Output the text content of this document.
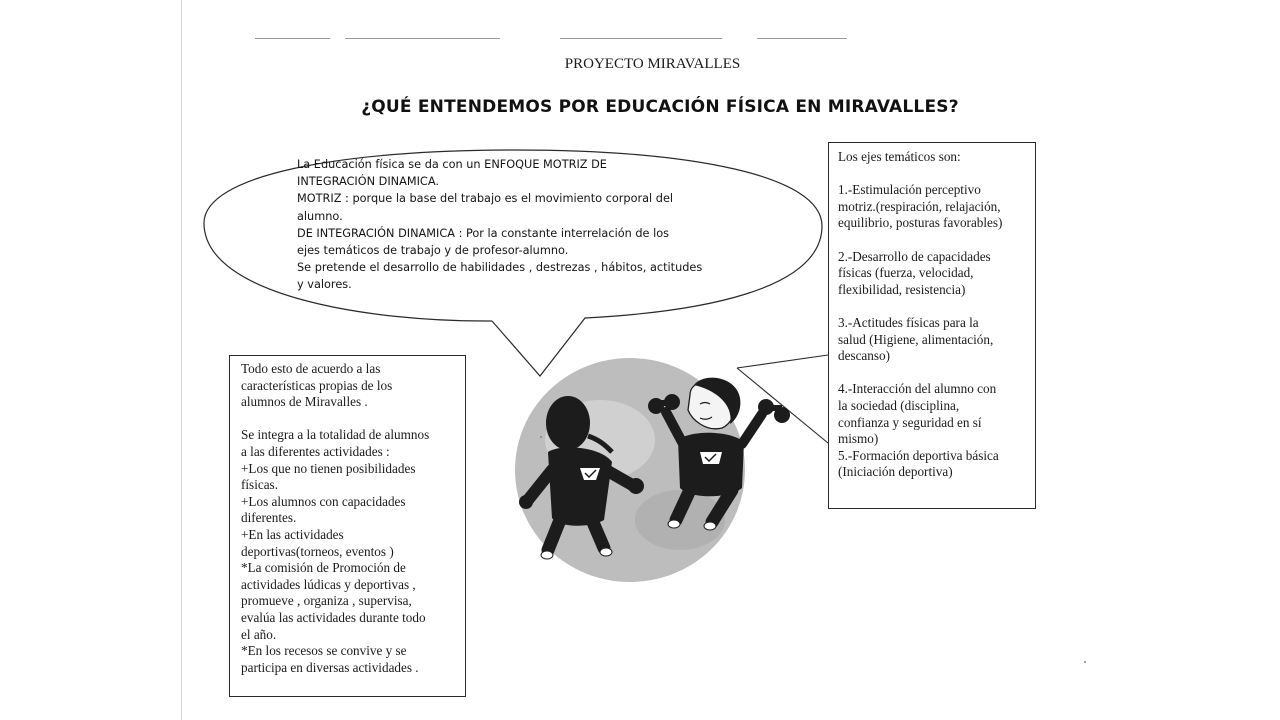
PROYECTO MIRAVALLES
¿QUÉ ENTENDEMOS POR EDUCACIÓN FÍSICA EN MIRAVALLES?
La Educación física se da con un ENFOQUE MOTRIZ DE
INTEGRACIÓN DINAMICA.
MOTRIZ : porque la base del trabajo es el movimiento corporal del
alumno.
DE INTEGRACIÓN DINAMICA : Por la constante interrelación de los
ejes temáticos de trabajo y de profesor-alumno.
Se pretende el desarrollo de habilidades , destrezas , hábitos, actitudes
y valores.
Todo esto de acuerdo a las
características propias de los
alumnos de Miravalles .
Se integra a la totalidad de alumnos
a las diferentes actividades :
+Los que no tienen posibilidades
físicas.
+Los alumnos con capacidades
diferentes.
+En las actividades
deportivas(torneos, eventos )
*La comisión de Promoción de
actividades lúdicas y deportivas ,
promueve , organiza , supervisa,
evalúa las actividades durante todo
el año.
*En los recesos se convive y se
participa en diversas actividades .
Los ejes temáticos son:
1.-Estimulación perceptivo
motriz.(respiración, relajación,
equilibrio, posturas favorables)
2.-Desarrollo de capacidades
físicas (fuerza, velocidad,
flexibilidad, resistencia)
3.-Actitudes físicas para la
salud (Higiene, alimentación,
descanso)
4.-Interacción del alumno con
la sociedad (disciplina,
confianza y seguridad en sí
mismo)
5.-Formación deportiva básica
(Iniciación deportiva)
